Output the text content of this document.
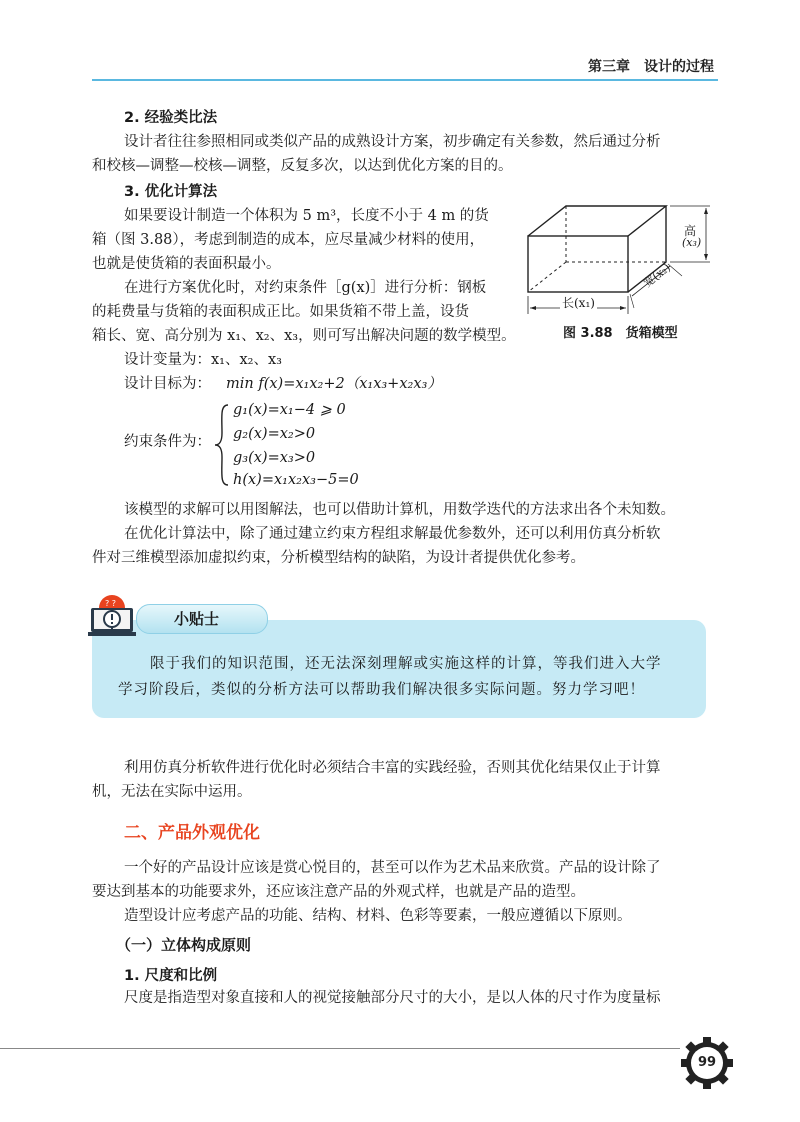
第三章　设计的过程
2. 经验类比法
设计者往往参照相同或类似产品的成熟设计方案，初步确定有关参数，然后通过分析
和校核—调整—校核—调整，反复多次，以达到优化方案的目的。
3. 优化计算法
如果要设计制造一个体积为 5 m³，长度不小于 4 m 的货
箱（图 3.88），考虑到制造的成本，应尽量减少材料的使用，
也就是使货箱的表面积最小。
在进行方案优化时，对约束条件［g(x)］进行分析：钢板
的耗费量与货箱的表面积成正比。如果货箱不带上盖，设货
箱长、宽、高分别为 x₁、x₂、x₃，则可写出解决问题的数学模型。
设计变量为：x₁、x₂、x₃
设计目标为： min f(x)=x₁x₂+2（x₁x₃+x₂x₃）
约束条件为：
g₁(x)=x₁−4 ⩾ 0
g₂(x)=x₂>0
g₃(x)=x₃>0
h(x)=x₁x₂x₃−5=0
该模型的求解可以用图解法，也可以借助计算机，用数学迭代的方法求出各个未知数。
在优化计算法中，除了通过建立约束方程组求解最优参数外，还可以利用仿真分析软
件对三维模型添加虚拟约束，分析模型结构的缺陷，为设计者提供优化参考。
高
(x₃)
宽(x₂)
长(x₁)
图 3.88　货箱模型
小贴士
? ?
限于我们的知识范围，还无法深刻理解或实施这样的计算，等我们进入大学
学习阶段后，类似的分析方法可以帮助我们解决很多实际问题。努力学习吧！
利用仿真分析软件进行优化时必须结合丰富的实践经验，否则其优化结果仅止于计算
机，无法在实际中运用。
二、产品外观优化
一个好的产品设计应该是赏心悦目的，甚至可以作为艺术品来欣赏。产品的设计除了
要达到基本的功能要求外，还应该注意产品的外观式样，也就是产品的造型。
造型设计应考虑产品的功能、结构、材料、色彩等要素，一般应遵循以下原则。
（一）立体构成原则
1. 尺度和比例
尺度是指造型对象直接和人的视觉接触部分尺寸的大小，是以人体的尺寸作为度量标
99
